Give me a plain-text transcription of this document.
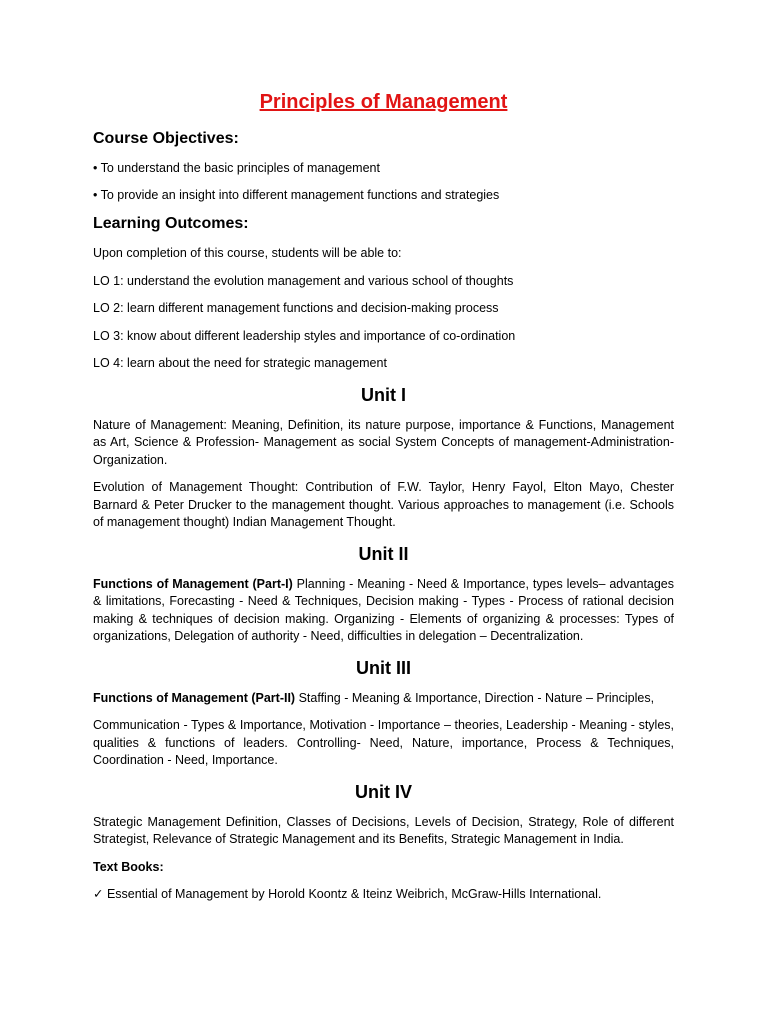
Principles of Management
Course Objectives:

• To understand the basic principles of management

• To provide an insight into different management functions and strategies

Learning Outcomes:

Upon completion of this course, students will be able to:

LO 1: understand the evolution management and various school of thoughts

LO 2: learn different management functions and decision-making process

LO 3: know about different leadership styles and importance of co-ordination

LO 4: learn about the need for strategic management

Unit I

Nature of Management: Meaning, Definition, its nature purpose, importance & Functions, Management as Art, Science & Profession- Management as social System Concepts of management-Administration- Organization.

Evolution of Management Thought: Contribution of F.W. Taylor, Henry Fayol, Elton Mayo, Chester Barnard & Peter Drucker to the management thought. Various approaches to management (i.e. Schools of management thought) Indian Management Thought.

Unit II

Functions of Management (Part-I) Planning - Meaning - Need & Importance, types levels– advantages & limitations, Forecasting - Need & Techniques, Decision making - Types - Process of rational decision making & techniques of decision making. Organizing - Elements of organizing & processes: Types of organizations, Delegation of authority - Need, difficulties in delegation – Decentralization.

Unit III

Functions of Management (Part-II) Staffing - Meaning & Importance, Direction - Nature – Principles,

Communication - Types & Importance, Motivation - Importance – theories, Leadership - Meaning - styles, qualities & functions of leaders. Controlling- Need, Nature, importance, Process & Techniques, Coordination - Need, Importance.

Unit IV

Strategic Management Definition, Classes of Decisions, Levels of Decision, Strategy, Role of different Strategist, Relevance of Strategic Management and its Benefits, Strategic Management in India.

Text Books:

✓ Essential of Management by Horold Koontz & Iteinz Weibrich, McGraw-Hills International.
